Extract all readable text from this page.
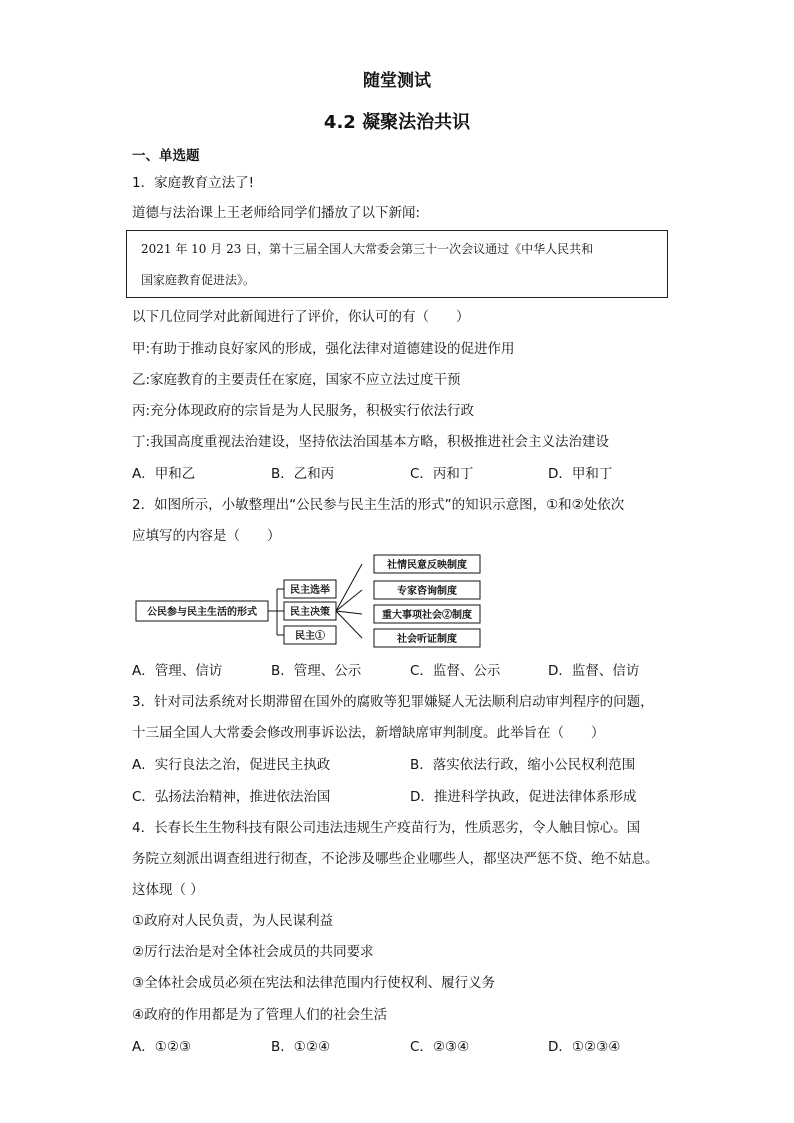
随堂测试
4.2 凝聚法治共识
一、单选题
1．家庭教育立法了!
道德与法治课上王老师给同学们播放了以下新闻:
2021 年 10 月 23 日，第十三届全国人大常委会第三十一次会议通过《中华人民共和
国家庭教育促进法》。
以下几位同学对此新闻进行了评价，你认可的有（　　）
甲:有助于推动良好家风的形成，强化法律对道德建设的促进作用
乙:家庭教育的主要责任在家庭，国家不应立法过度干预
丙:充分体现政府的宗旨是为人民服务，积极实行依法行政
丁:我国高度重视法治建设，坚持依法治国基本方略，积极推进社会主义法治建设
A．甲和乙	B．乙和丙	C．丙和丁	D．甲和丁
2．如图所示，小敏整理出“公民参与民主生活的形式”的知识示意图，①和②处依次
应填写的内容是（　　）
公民参与民主生活的形式
民主选举
民主决策
民主①
社情民意反映制度
专家咨询制度
重大事项社会②制度
社会听证制度
A．管理、信访	B．管理、公示	C．监督、公示	D．监督、信访
3．针对司法系统对长期滞留在国外的腐败等犯罪嫌疑人无法顺利启动审判程序的问题，
十三届全国人大常委会修改刑事诉讼法，新增缺席审判制度。此举旨在（　　）
A．实行良法之治，促进民主执政	B．落实依法行政，缩小公民权利范围
C．弘扬法治精神，推进依法治国	D．推进科学执政，促进法律体系形成
4．长春长生生物科技有限公司违法违规生产疫苗行为，性质恶劣，令人触目惊心。国
务院立刻派出调查组进行彻查，不论涉及哪些企业哪些人，都坚决严惩不贷、绝不姑息。
这体现（ ）
①政府对人民负责，为人民谋利益
②厉行法治是对全体社会成员的共同要求
③全体社会成员必须在宪法和法律范围内行使权利、履行义务
④政府的作用都是为了管理人们的社会生活
A．①②③	B．①②④	C．②③④	D．①②③④
